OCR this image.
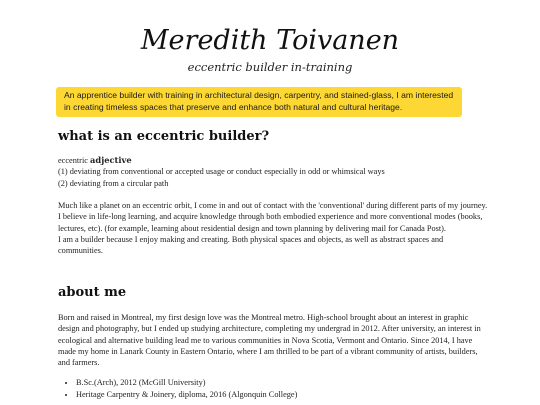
Meredith Toivanen
eccentric builder in-training
An apprentice builder with training in architectural design, carpentry, and stained-glass, I am interested in creating timeless spaces that preserve and enhance both natural and cultural heritage.
what is an eccentric builder?

eccentric adjective

(1) deviating from conventional or accepted usage or conduct especially in odd or whimsical ways

(2) deviating from a circular path

Much like a planet on an eccentric orbit, I come in and out of contact with the 'conventional' during different parts of my journey. I believe in life-long learning, and acquire knowledge through both embodied experience and more conventional modes (books, lectures, etc). (for example, learning about residential design and town planning by delivering mail for Canada Post).

I am a builder because I enjoy making and creating. Both physical spaces and objects, as well as abstract spaces and communities.

about me
Born and raised in Montreal, my first design love was the Montreal metro. High-school brought about an interest in graphic design and photography, but I ended up studying architecture, completing my undergrad in 2012. After university, an interest in ecological and alternative building lead me to various communities in Nova Scotia, Vermont and Ontario. Since 2014, I have made my home in Lanark County in Eastern Ontario, where I am thrilled to be part of a vibrant community of artists, builders, and farmers.
• B.Sc.(Arch), 2012 (McGill University)
• Heritage Carpentry & Joinery, diploma, 2016 (Algonquin College)
